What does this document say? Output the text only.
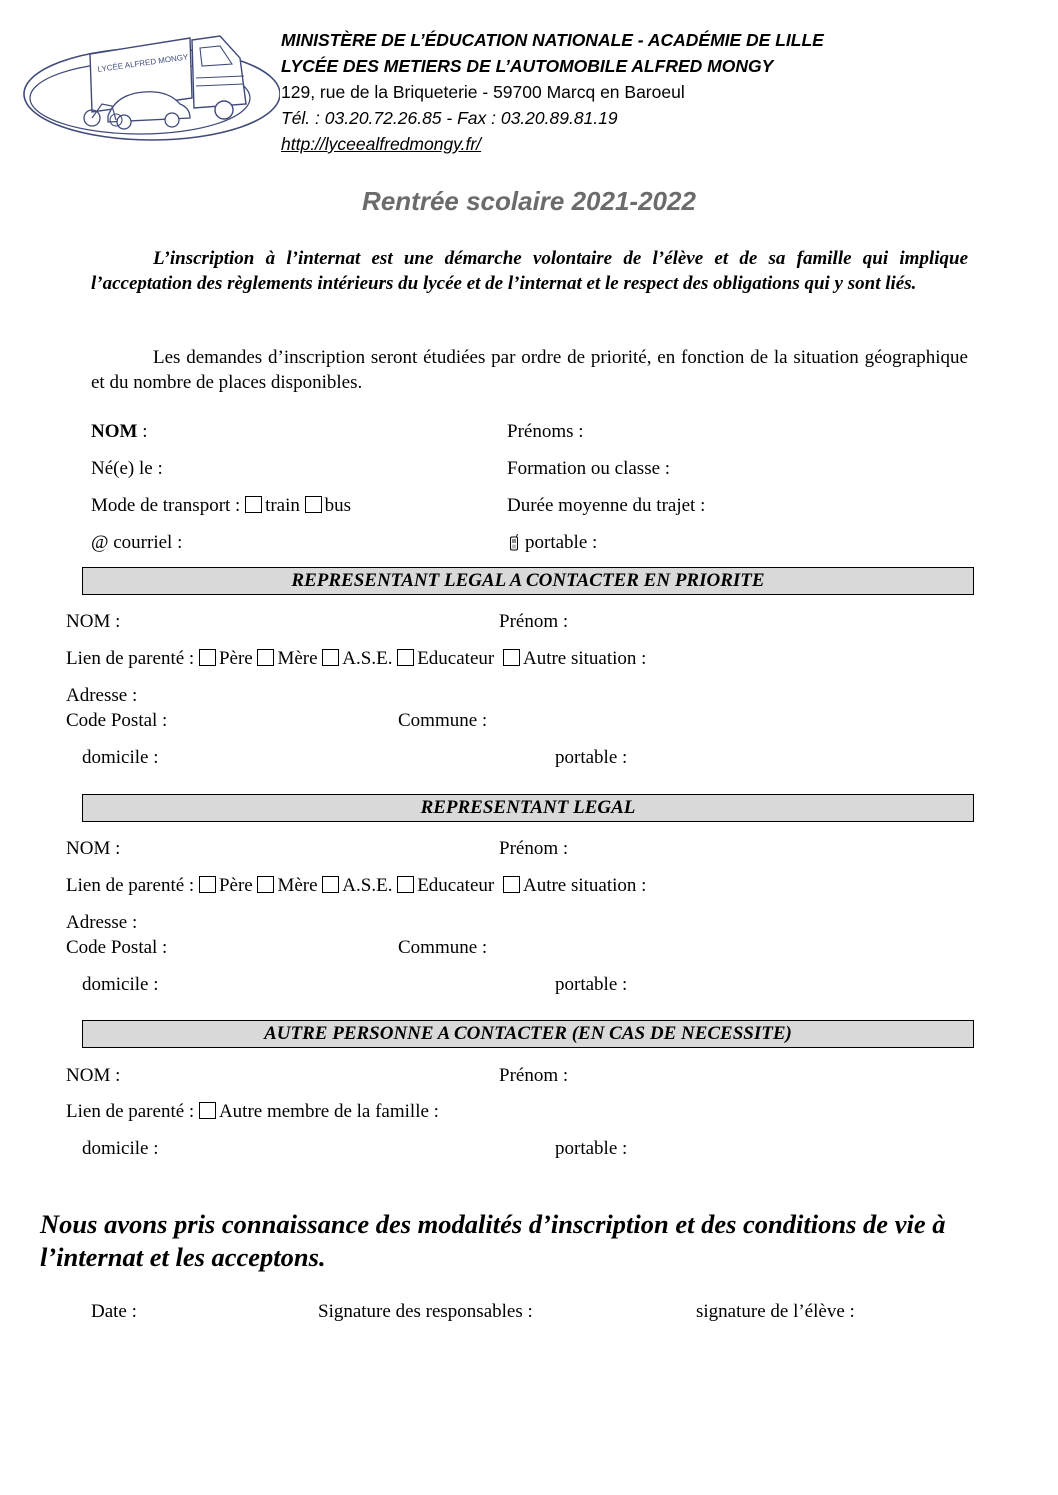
LYCÉE ALFRED MONGY
MINISTÈRE DE L’ÉDUCATION NATIONALE - ACADÉMIE DE LILLE
LYCÉE DES METIERS DE L’AUTOMOBILE ALFRED MONGY
129, rue de la Briqueterie - 59700 Marcq en Baroeul
Tél. : 03.20.72.26.85 - Fax : 03.20.89.81.19
http://lyceealfredmongy.fr/
Rentrée scolaire 2021-2022
L’inscription à l’internat est une démarche volontaire de l’élève et de sa famille qui implique l’acceptation des règlements intérieurs du lycée et de l’internat et le respect des obligations qui y sont liés.
Les demandes d’inscription seront étudiées par ordre de priorité, en fonction de la situation géographique et du nombre de places disponibles.
NOM :	Prénoms :
Né(e) le :	Formation ou classe :
Mode de transport : train bus	Durée moyenne du trajet :
@ courriel :	portable :
REPRESENTANT LEGAL A CONTACTER EN PRIORITE
NOM :	Prénom :
Lien de parenté : Père Mère A.S.E. Educateur Autre situation :
Adresse :
Code Postal :	Commune :
domicile :	portable :
REPRESENTANT LEGAL
NOM :	Prénom :
Lien de parenté : Père Mère A.S.E. Educateur Autre situation :
Adresse :
Code Postal :	Commune :
domicile :	portable :
AUTRE PERSONNE A CONTACTER (EN CAS DE NECESSITE)
NOM :	Prénom :
Lien de parenté : Autre membre de la famille :
domicile :	portable :
Nous avons pris connaissance des modalités d’inscription et des conditions de vie à l’internat et les acceptons.
Date :	Signature des responsables :	signature de l’élève :
